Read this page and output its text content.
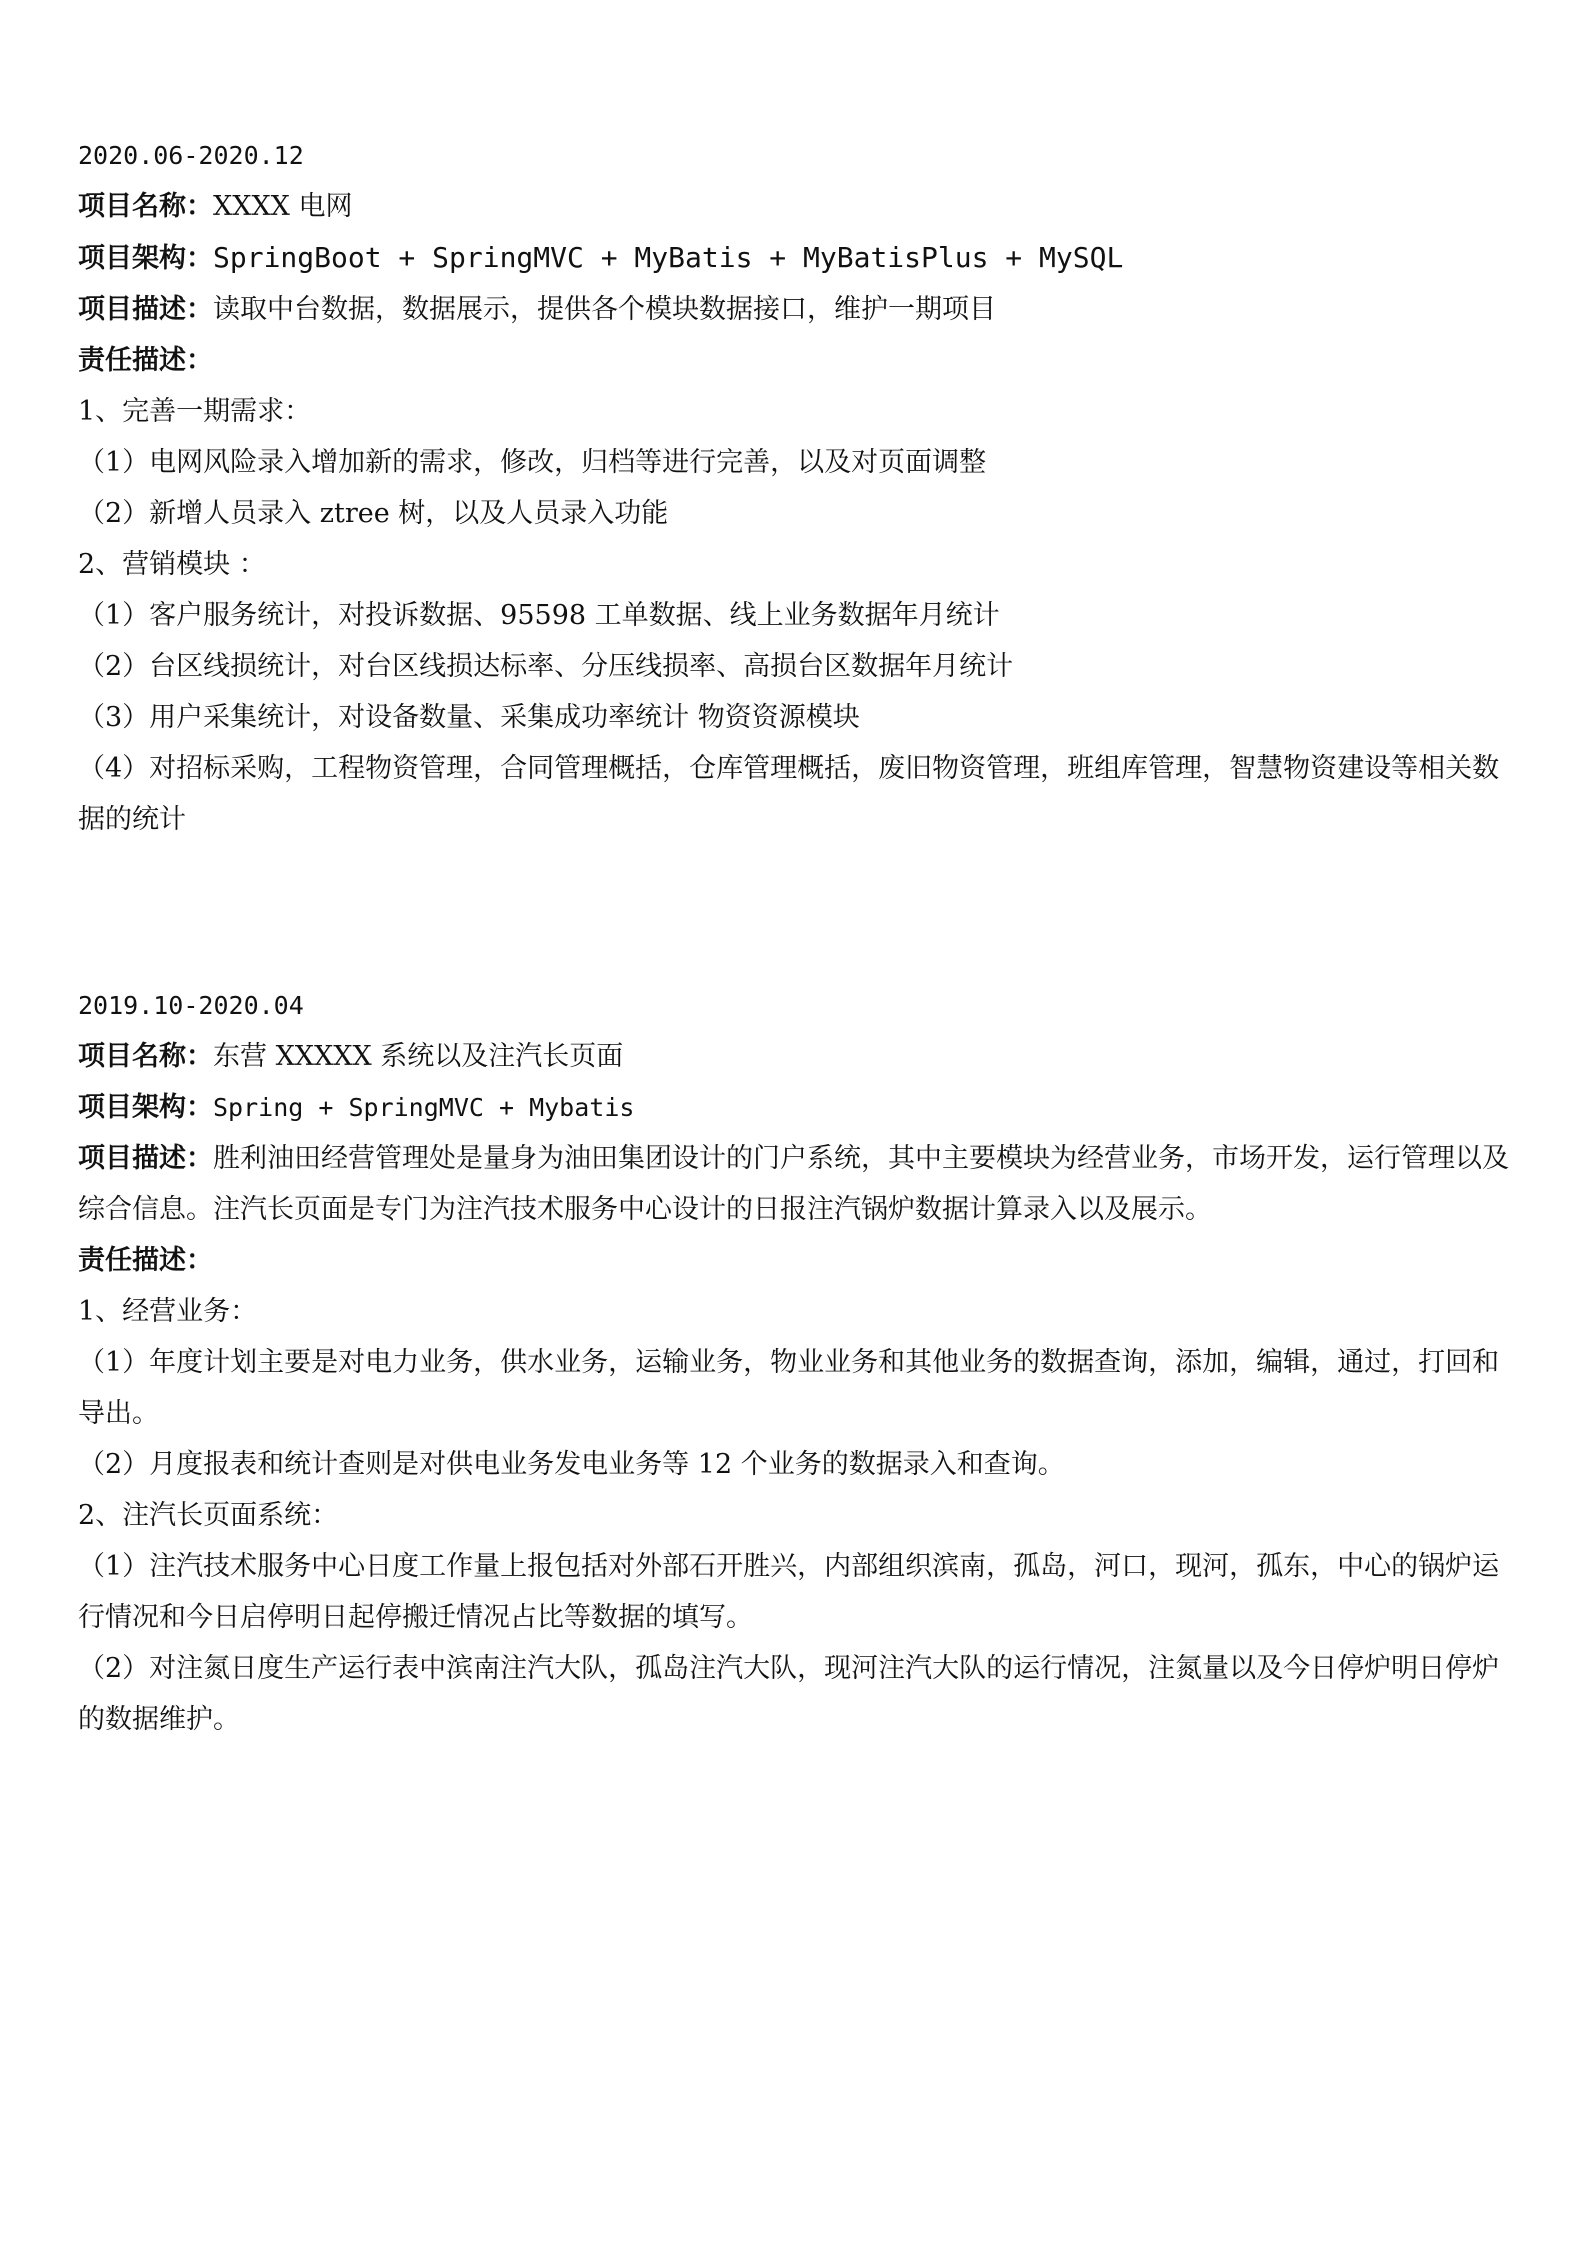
2020.06-2020.12

项目名称：XXXX 电网

项目架构：SpringBoot + SpringMVC + MyBatis + MyBatisPlus + MySQL

项目描述：读取中台数据，数据展示，提供各个模块数据接口，维护一期项目

责任描述：

1、完善一期需求：

（1）电网风险录入增加新的需求，修改，归档等进行完善，以及对页面调整

（2）新增人员录入 ztree 树，以及人员录入功能

2、营销模块 ：

（1）客户服务统计，对投诉数据、95598 工单数据、线上业务数据年月统计

（2）台区线损统计，对台区线损达标率、分压线损率、高损台区数据年月统计

（3）用户采集统计，对设备数量、采集成功率统计 物资资源模块

（4）对招标采购，工程物资管理，合同管理概括，仓库管理概括，废旧物资管理，班组库管理，智慧物资建设等相关数据的统计

2019.10-2020.04

项目名称：东营 XXXXX 系统以及注汽长页面

项目架构：Spring + SpringMVC + Mybatis

项目描述：胜利油田经营管理处是量身为油田集团设计的门户系统，其中主要模块为经营业务，市场开发，运行管理以及综合信息。注汽长页面是专门为注汽技术服务中心设计的日报注汽锅炉数据计算录入以及展示。

责任描述：

1、经营业务：

（1）年度计划主要是对电力业务，供水业务，运输业务，物业业务和其他业务的数据查询，添加，编辑，通过，打回和导出。

（2）月度报表和统计查则是对供电业务发电业务等 12 个业务的数据录入和查询。

2、注汽长页面系统：

（1）注汽技术服务中心日度工作量上报包括对外部石开胜兴，内部组织滨南，孤岛，河口，现河，孤东，中心的锅炉运行情况和今日启停明日起停搬迁情况占比等数据的填写。

（2）对注氮日度生产运行表中滨南注汽大队，孤岛注汽大队，现河注汽大队的运行情况，注氮量以及今日停炉明日停炉的数据维护。
